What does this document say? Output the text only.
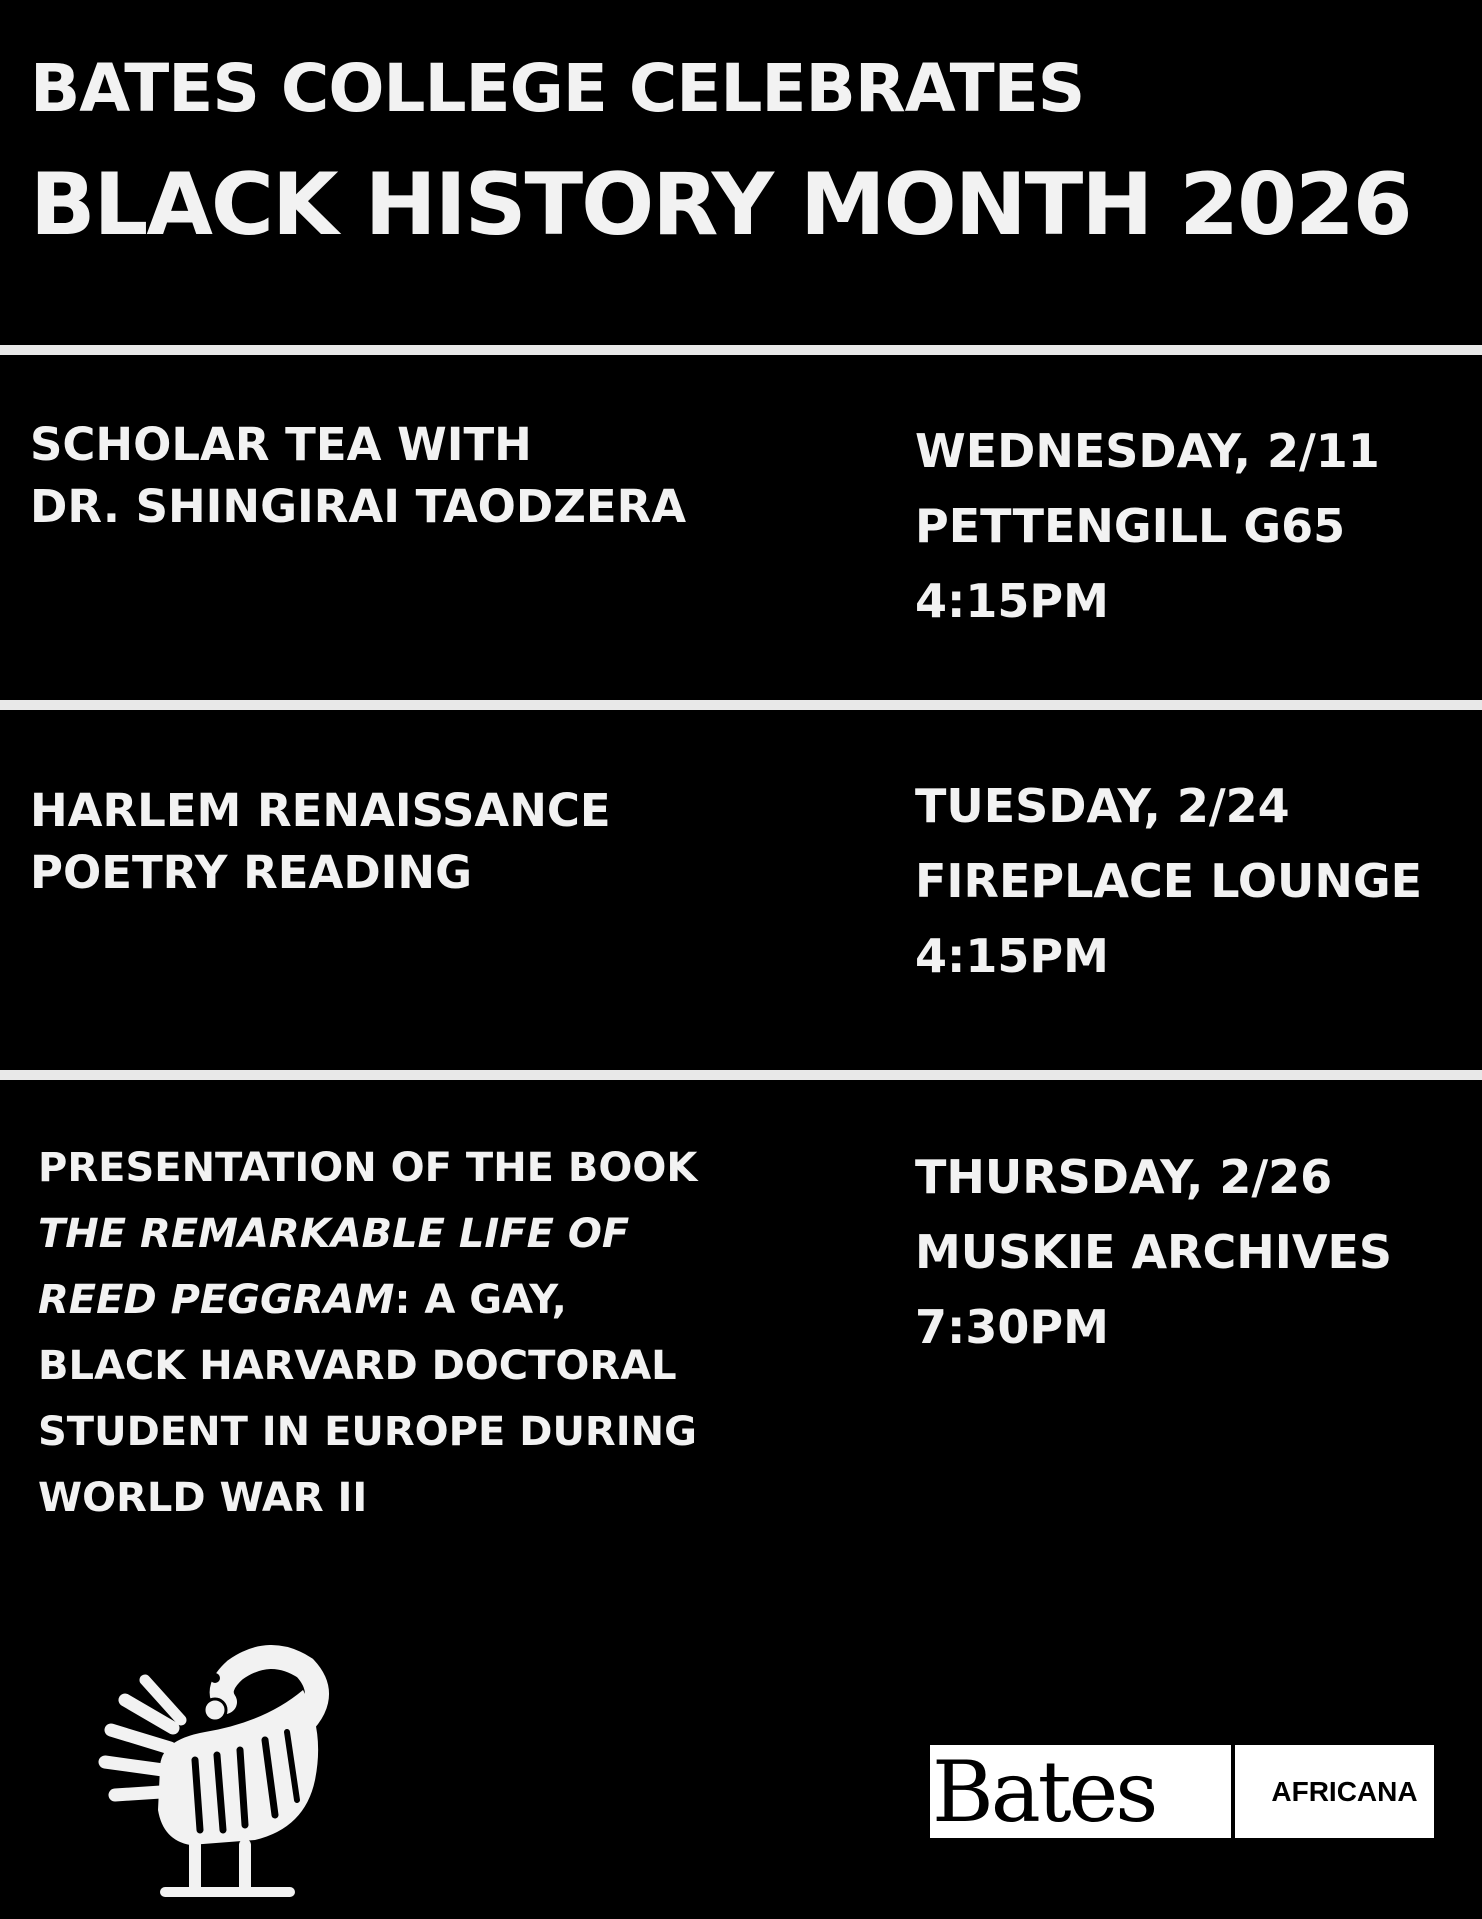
BATES COLLEGE CELEBRATES
BLACK HISTORY MONTH 2026
SCHOLAR TEA WITH
DR. SHINGIRAI TAODZERA
WEDNESDAY, 2/11
PETTENGILL G65
4:15PM
HARLEM RENAISSANCE
POETRY READING
TUESDAY, 2/24
FIREPLACE LOUNGE
4:15PM
PRESENTATION OF THE BOOK
THE REMARKABLE LIFE OF
REED PEGGRAM: A GAY,
BLACK HARVARD DOCTORAL
STUDENT IN EUROPE DURING
WORLD WAR II
THURSDAY, 2/26
MUSKIE ARCHIVES
7:30PM
Bates	AFRICANA
